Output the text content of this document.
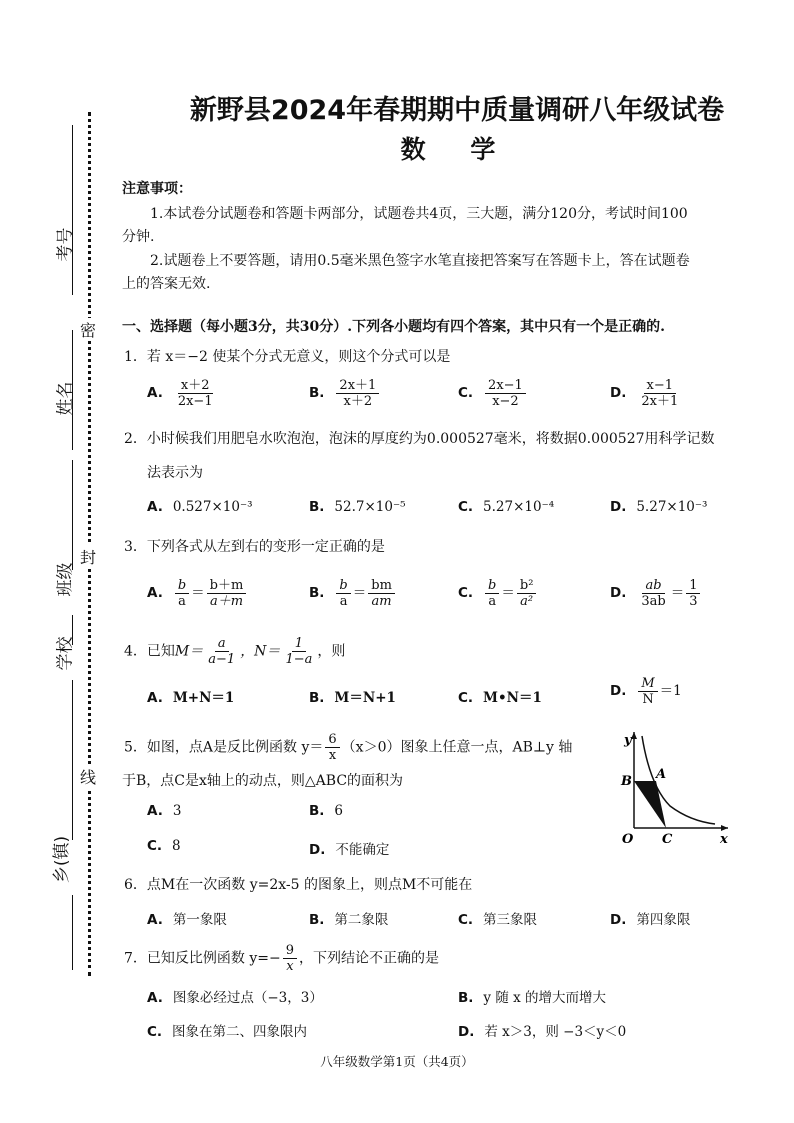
新野县2024年春期期中质量调研八年级试卷
数 学
密
封
线
考号
姓名
班级
学校
乡(镇)
注意事项：
1.本试卷分试题卷和答题卡两部分，试题卷共4页，三大题，满分120分，考试时间100
分钟.
2.试题卷上不要答题，请用0.5毫米黑色签字水笔直接把答案写在答题卡上，答在试题卷
上的答案无效.
一、选择题（每小题3分，共30分）.下列各小题均有四个答案，其中只有一个是正确的.
1．若 x＝−2 使某个分式无意义，则这个分式可以是
A. $\frac{x+2}{2x-1}$	B. $\frac{2x+1}{x+2}$	C. $\frac{2x-1}{x-2}$	D. $\frac{x-1}{2x+1}$
2．小时候我们用肥皂水吹泡泡，泡沫的厚度约为0.000527毫米，将数据0.000527用科学记数
法表示为
A. 0.527×10⁻³	B. 52.7×10⁻⁵	C. 5.27×10⁻⁴	D. 5.27×10⁻³
3．下列各式从左到右的变形一定正确的是
A. $\frac{b}{a} = \frac{b+m}{a+m}$	B. $\frac{b}{a} = \frac{bm}{am}$	C. $\frac{b}{a} = \frac{\text{b²}}{\text{a²}}$	D. $\frac{ab}{3ab} = \frac{1}{3}$
4．已知$M= \frac{a}{a-1}$ ，$N= \frac{1}{1-a}$ ，则
A. M+N＝1	B. M＝N+1	C. M•N＝1	D. $\frac{M}{N} =1$
5．如图，点A是反比例函数 $y= \frac{6}{x} (x>0)$图象上任意一点，AB⊥y 轴
于B，点C是x轴上的动点，则△ABC的面积为
A. 3	B. 6
C. 8	D. 不能确定
y
x
O
B A
C
6．点M在一次函数 y=2x-5 的图象上，则点M不可能在
A. 第一象限	B. 第二象限	C. 第三象限	D. 第四象限
7．已知反比例函数 $y=- \frac{9}{x}$ ，下列结论不正确的是
A. 图象必经过点（−3，3）	B. y 随 x 的增大而增大
C. 图象在第二、四象限内	D. 若 x＞3，则 −3＜y＜0
八年级数学第1页（共4页）
